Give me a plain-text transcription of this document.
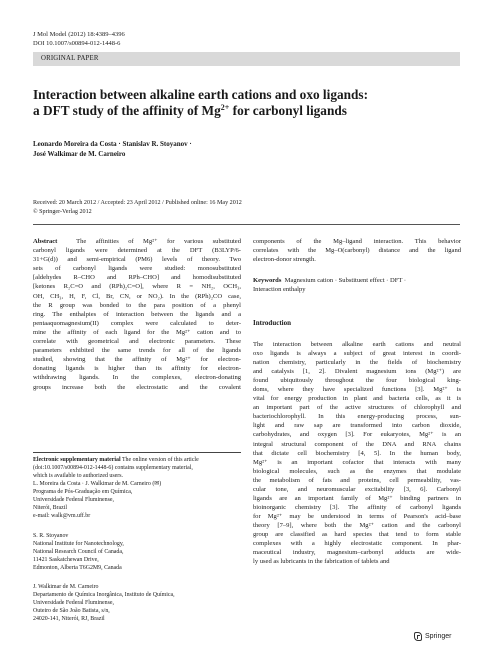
J Mol Model (2012) 18:4389–4396
DOI 10.1007/s00894-012-1448-6
ORIGINAL PAPER
Interaction between alkaline earth cations and oxo ligands:
a DFT study of the affinity of $Mg^{2+}$ for carbonyl ligands
Leonardo Moreira da Costa · Stanislav R. Stoyanov ·
José Walkimar de M. Carneiro
Received: 20 March 2012 / Accepted: 23 April 2012 / Published online: 16 May 2012
© Springer-Verlag 2012
Abstract	The affinities of Mg²⁺ for various substituted
carbonyl ligands were determined at the DFT (B3LYP/6-
31+G(d)) and semi-empirical (PM6) levels of theory. Two
sets of carbonyl ligands were studied: monosubstituted
[aldehydes R–CHO and RPh–CHO] and homodisubstituted
[ketones R₂C=O and (RPh)₂C=O], where R = NH₂, OCH₃,
OH, CH₃, H, F, Cl, Br, CN, or NO₂). In the (RPh)₂CO case,
the R group was bonded to the para position of a phenyl
ring. The enthalpies of interaction between the ligands and a
pentaaquomagnesium(II) complex were calculated to deter-
mine the affinity of each ligand for the Mg²⁺ cation and to
correlate with geometrical and electronic parameters. These
parameters exhibited the same trends for all of the ligands
studied, showing that the affinity of Mg²⁺ for electron-
donating ligands is higher than its affinity for electron-
withdrawing ligands. In the complexes, electron-donating
groups increase both the electrostatic and the covalent
Electronic supplementary material The online version of this article
(doi:10.1007/s00894-012-1448-6) contains supplementary material,
which is available to authorized users.
L. Moreira da Costa · J. Walkimar de M. Carneiro (✉)
Programa de Pós-Graduação em Química,
Universidade Federal Fluminense,
Niterói, Brazil
e-mail: walk@vm.uff.br
S. R. Stoyanov
National Institute for Nanotechnology,
National Research Council of Canada,
11421 Saskatchewan Drive,
Edmonton, Alberta T6G2M9, Canada
J. Walkimar de M. Carneiro
Departamento de Química Inorgânica, Instituto de Química,
Universidade Federal Fluminense,
Outeiro de São João Batista, s/n,
24020-141, Niterói, RJ, Brazil
components of the Mg–ligand interaction. This behavior
correlates with the Mg–O(carbonyl) distance and the ligand
electron-donor strength.
Keywords Magnesium cation · Substituent effect · DFT ·
Interaction enthalpy
Introduction
The interaction between alkaline earth cations and neutral
oxo ligands is always a subject of great interest in coordi-
nation chemistry, particularly in the fields of biochemistry
and catalysis [1, 2]. Divalent magnesium ions (Mg²⁺) are
found ubiquitously throughout the four biological king-
doms, where they have specialized functions [3]. Mg²⁺ is
vital for energy production in plant and bacteria cells, as it is
an important part of the active structures of chlorophyll and
bacteriochlorophyll. In this energy-producing process, sun-
light and raw sap are transformed into carbon dioxide,
carbohydrates, and oxygen [3]. For eukaryotes, Mg²⁺ is an
integral structural component of the DNA and RNA chains
that dictate cell biochemistry [4, 5]. In the human body,
Mg²⁺ is an important cofactor that interacts with many
biological molecules, such as the enzymes that modulate
the metabolism of fats and proteins, cell permeability, vas-
cular tone, and neuromuscular excitability [3, 6]. Carbonyl
ligands are an important family of Mg²⁺ binding partners in
bioinorganic chemistry [3]. The affinity of carbonyl ligands
for Mg²⁺ may be understood in terms of Pearson's acid–base
theory [7–9], where both the Mg²⁺ cation and the carbonyl
group are classified as hard species that tend to form stable
complexes with a highly electrostatic component. In phar-
maceutical industry, magnesium–carbonyl adducts are wide-
ly used as lubricants in the fabrication of tablets and
Springer
